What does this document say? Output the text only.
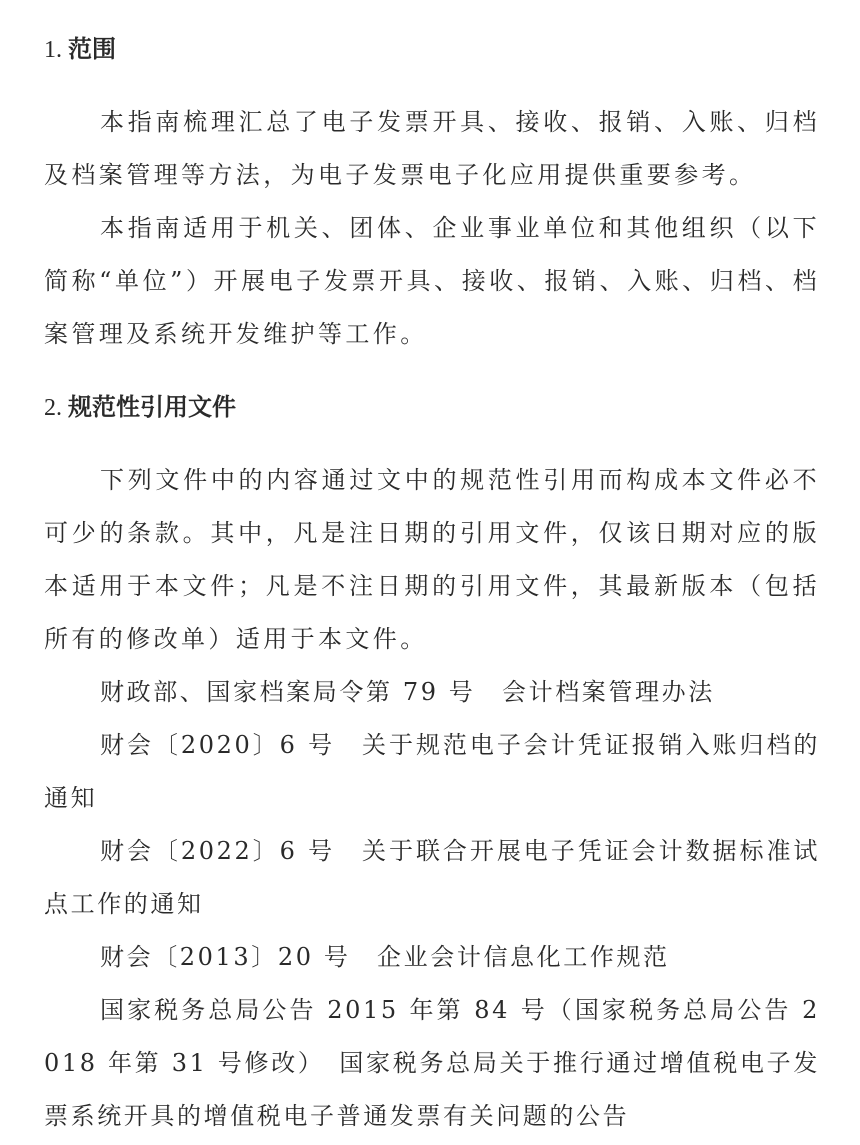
1. 范围

本指南梳理汇总了电子发票开具、接收、报销、入账、归档及档案管理等方法，为电子发票电子化应用提供重要参考。

本指南适用于机关、团体、企业事业单位和其他组织（以下简称“单位”）开展电子发票开具、接收、报销、入账、归档、档案管理及系统开发维护等工作。

2. 规范性引用文件

下列文件中的内容通过文中的规范性引用而构成本文件必不可少的条款。其中，凡是注日期的引用文件，仅该日期对应的版本适用于本文件；凡是不注日期的引用文件，其最新版本（包括所有的修改单）适用于本文件。

财政部、国家档案局令第 79 号　会计档案管理办法

财会〔2020〕6 号　关于规范电子会计凭证报销入账归档的通知

财会〔2022〕6 号　关于联合开展电子凭证会计数据标准试点工作的通知

财会〔2013〕20 号　企业会计信息化工作规范

国家税务总局公告 2015 年第 84 号（国家税务总局公告 2018 年第 31 号修改）　国家税务总局关于推行通过增值税电子发票系统开具的增值税电子普通发票有关问题的公告
